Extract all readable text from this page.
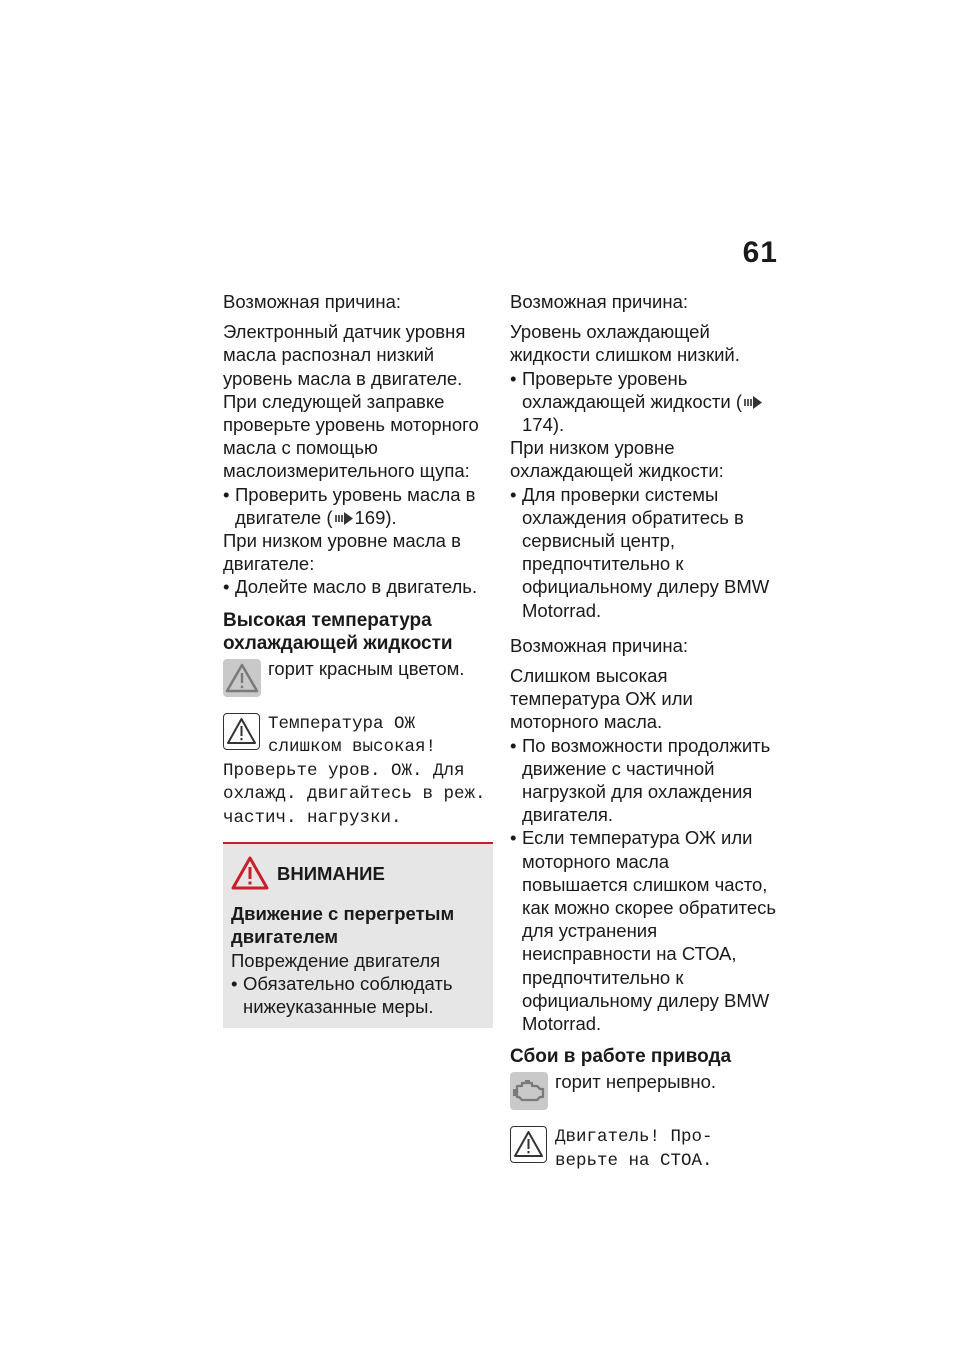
61

Возможная причина:

Электронный датчик уровня масла распознал низкий уровень масла в двигателе. При следующей заправке проверьте уровень моторного масла с помощью маслоизмерительного щупа:

• Проверить уровень масла в двигателе ( 169).

При низком уровне масла в двигателе:

• Долейте масло в двигатель.

Высокая температура охлаждающей жидкости

горит красным цветом.
Температура ОЖ
слишком высокая!
Проверьте уров. ОЖ. Для охлажд. двигайтесь в реж. частич. нагрузки.
ВНИМАНИЕ

Движение с перегретым двигателем

Повреждение двигателя

• Обязательно соблюдать нижеуказанные меры.

Возможная причина:

Уровень охлаждающей жидкости слишком низкий.

• Проверьте уровень охлаждающей жидкости (174).

При низком уровне охлаждающей жидкости:

• Для проверки системы охлаждения обратитесь в сервисный центр, предпочтительно к официальному дилеру BMW Motorrad.

Возможная причина:

Слишком высокая температура ОЖ или моторного масла.

• По возможности продолжить движение с частичной нагрузкой для охлаждения двигателя.

• Если температура ОЖ или моторного масла повышается слишком часто, как можно скорее обратитесь для устранения неисправности на СТОА, предпочтительно к официальному дилеру BMW Motorrad.

Сбои в работе привода

горит непрерывно.
Двигатель! Про-
верьте на СТОА.
